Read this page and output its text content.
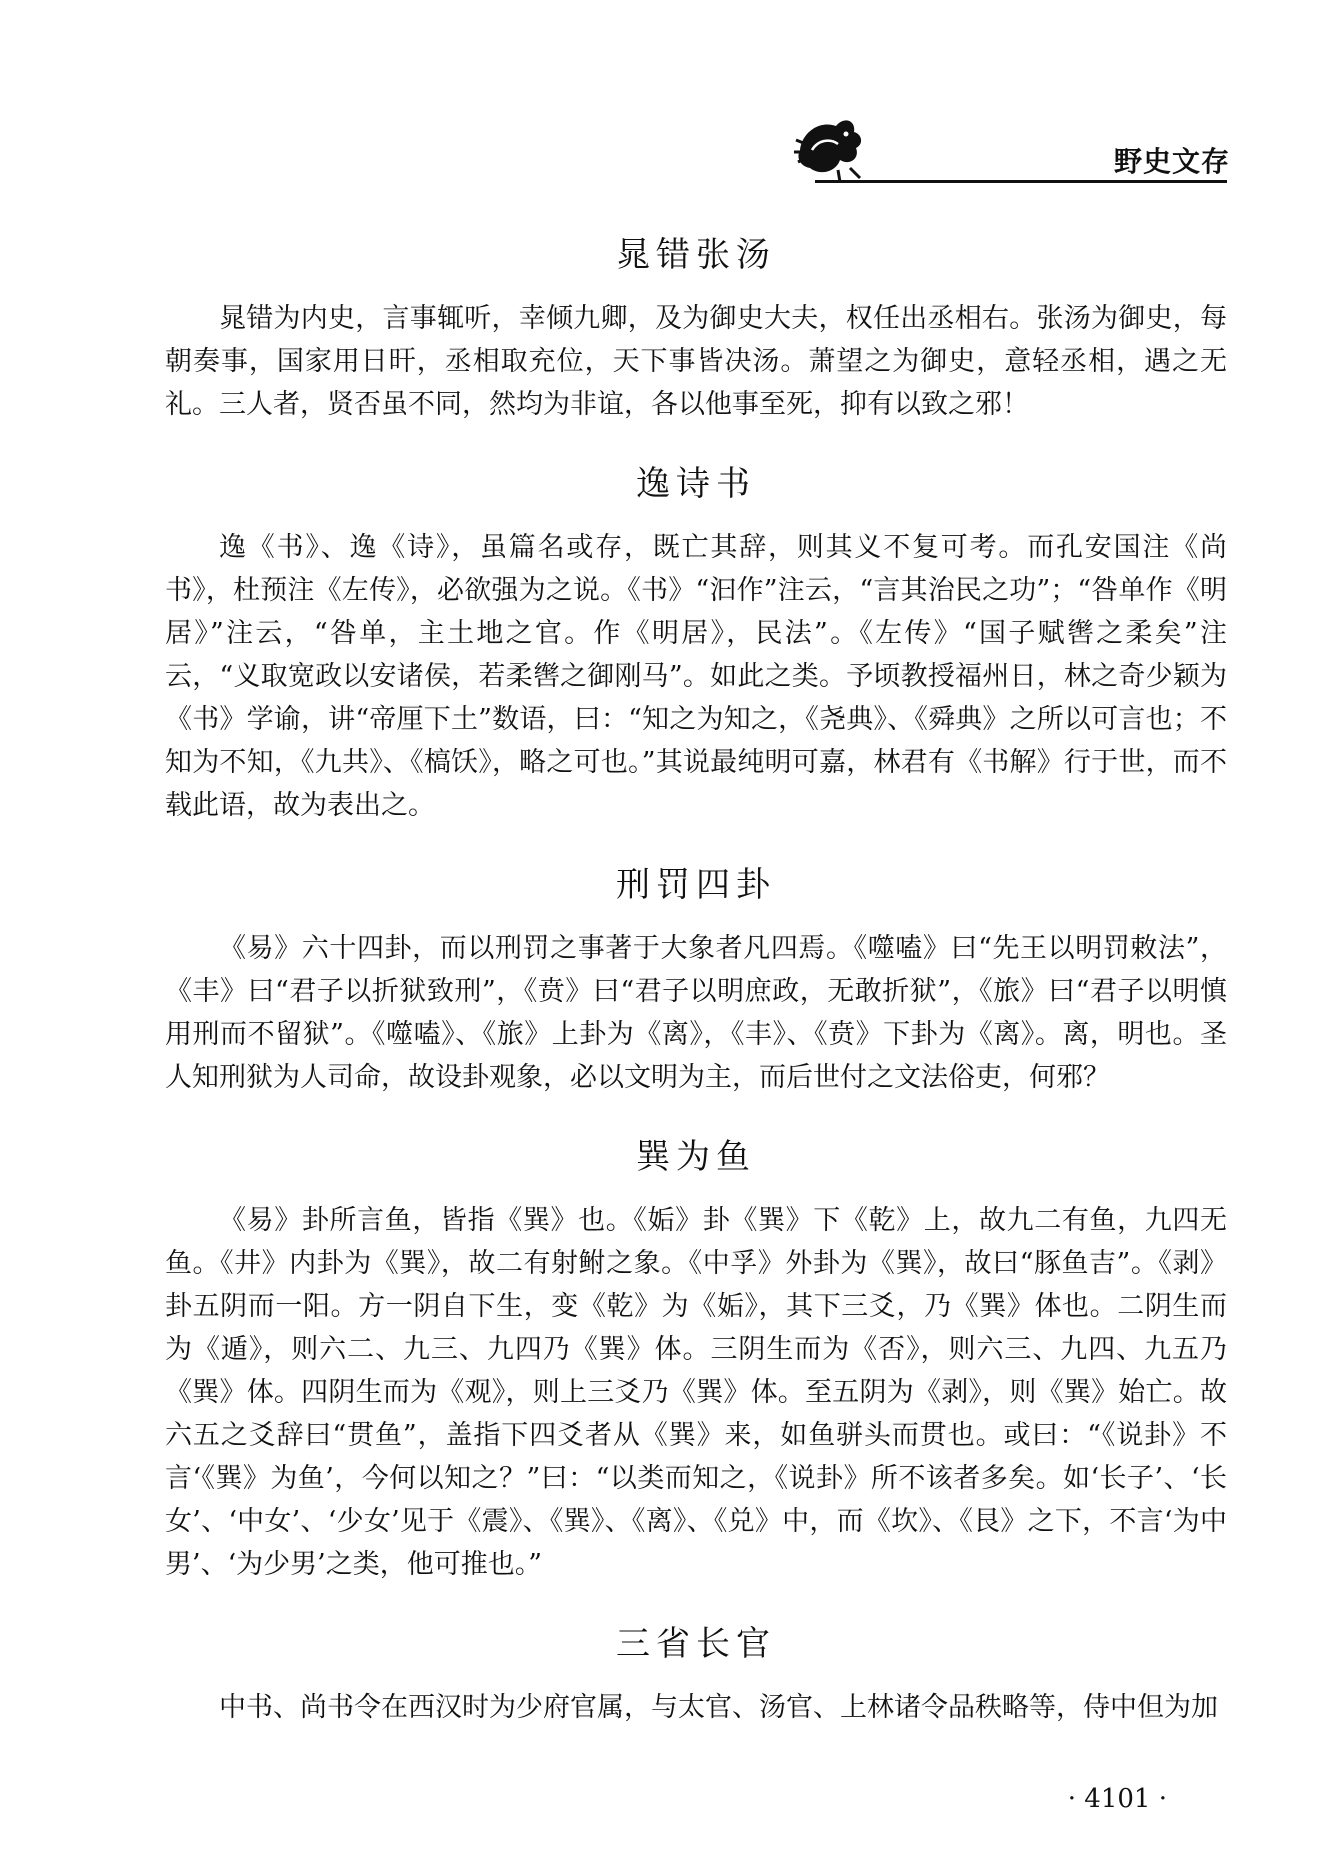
野史文存
晁错张汤

晁错为内史，言事辄听，幸倾九卿，及为御史大夫，权任出丞相右。张汤为御史，每朝奏事，国家用日旰，丞相取充位，天下事皆决汤。萧望之为御史，意轻丞相，遇之无礼。三人者，贤否虽不同，然均为非谊，各以他事至死，抑有以致之邪！

逸诗书

逸《书》、逸《诗》，虽篇名或存，既亡其辞，则其义不复可考。而孔安国注《尚书》，杜预注《左传》，必欲强为之说。《书》“汩作”注云，“言其治民之功”；“咎单作《明居》”注云，“咎单，主土地之官。作《明居》，民法”。《左传》“国子赋辔之柔矣”注云，“义取宽政以安诸侯，若柔辔之御刚马”。如此之类。予顷教授福州日，林之奇少颖为《书》学谕，讲“帝厘下土”数语，曰：“知之为知之，《尧典》、《舜典》之所以可言也；不知为不知，《九共》、《槁饫》，略之可也。”其说最纯明可嘉，林君有《书解》行于世，而不载此语，故为表出之。

刑罚四卦

《易》六十四卦，而以刑罚之事著于大象者凡四焉。《噬嗑》曰“先王以明罚敕法”，《丰》曰“君子以折狱致刑”，《贲》曰“君子以明庶政，无敢折狱”，《旅》曰“君子以明慎用刑而不留狱”。《噬嗑》、《旅》上卦为《离》，《丰》、《贲》下卦为《离》。离，明也。圣人知刑狱为人司命，故设卦观象，必以文明为主，而后世付之文法俗吏，何邪？

巽为鱼

《易》卦所言鱼，皆指《巽》也。《姤》卦《巽》下《乾》上，故九二有鱼，九四无鱼。《井》内卦为《巽》，故二有射鲋之象。《中孚》外卦为《巽》，故曰“豚鱼吉”。《剥》卦五阴而一阳。方一阴自下生，变《乾》为《姤》，其下三爻，乃《巽》体也。二阴生而为《遁》，则六二、九三、九四乃《巽》体。三阴生而为《否》，则六三、九四、九五乃《巽》体。四阴生而为《观》，则上三爻乃《巽》体。至五阴为《剥》，则《巽》始亡。故六五之爻辞曰“贯鱼”，盖指下四爻者从《巽》来，如鱼骈头而贯也。或曰：“《说卦》不言‘《巽》为鱼’，今何以知之？”曰：“以类而知之，《说卦》所不该者多矣。如‘长子’、‘长女’、‘中女’、‘少女’见于《震》、《巽》、《离》、《兑》中，而《坎》、《艮》之下，不言‘为中男’、‘为少男’之类，他可推也。”

三省长官

中书、尚书令在西汉时为少府官属，与太官、汤官、上林诸令品秩略等，侍中但为加

· 4101 ·
